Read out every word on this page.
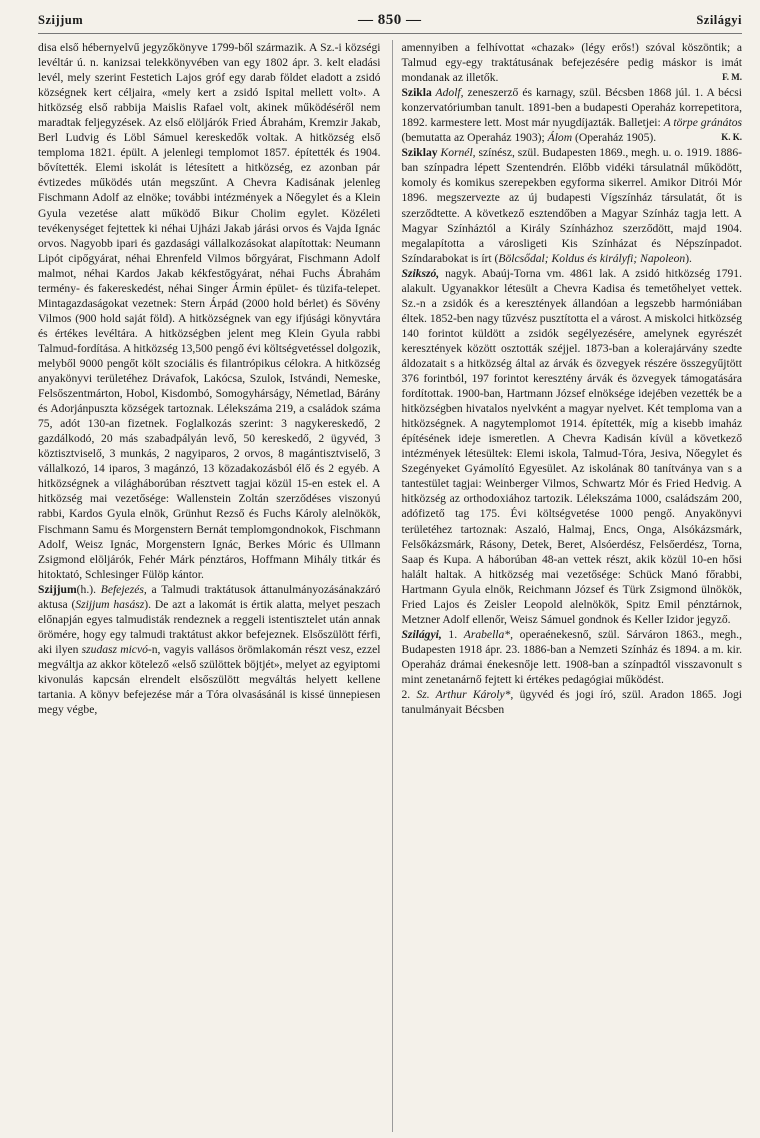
Szijjum	— 850 —	Szilágyi

disa első hébernyelvű jegyzőkönyve 1799-ből származik. A Sz.-i községi levéltár ú. n. kanizsai telekkönyvében van egy 1802 ápr. 3. kelt eladási levél, mely szerint Festetich Lajos gróf egy darab földet eladott a zsidó községnek kert céljaira, «mely kert a zsidó Ispital mellett volt». A hitközség első rabbija Maislis Rafael volt, akinek működéséről nem maradtak feljegyzések. Az első elöljárók Fried Ábrahám, Kremzir Jakab, Berl Ludvig és Löbl Sámuel kereskedők voltak. A hitközség első temploma 1821. épült. A jelenlegi templomot 1857. építették és 1904. bővítették. Elemi iskolát is létesített a hitközség, ez azonban pár évtizedes működés után megszűnt. A Chevra Kadisának jelenleg Fischmann Adolf az elnöke; további intézmények a Nőegylet és a Klein Gyula vezetése alatt működő Bikur Cholim egylet. Közéleti tevékenységet fejtettek ki néhai Ujházi Jakab járási orvos és Vajda Ignác orvos. Nagyobb ipari és gazdasági vállalkozásokat alapítottak: Neumann Lipót cipőgyárat, néhai Ehrenfeld Vilmos bőrgyárat, Fischmann Adolf malmot, néhai Kardos Jakab kékfestőgyárat, néhai Fuchs Ábrahám termény- és fakereskedést, néhai Singer Ármin épület- és tüzifa-telepet. Mintagazdaságokat vezetnek: Stern Árpád (2000 hold bérlet) és Sövény Vilmos (900 hold saját föld). A hitközségnek van egy ifjúsági könyvtára és értékes levéltára. A hitközségben jelent meg Klein Gyula rabbi Talmud-fordítása. A hitközség 13,500 pengő évi költségvetéssel dolgozik, melyből 9000 pengőt költ szociális és filantrópikus célokra. A hitközség anyakönyvi területéhez Drávafok, Lakócsa, Szulok, Istvándi, Nemeske, Felsőszentmárton, Hobol, Kisdombó, Somogyhárságy, Németlad, Bárány és Adorjánpuszta községek tartoznak. Lélekszáma 219, a családok száma 75, adót 130-an fizetnek. Foglalkozás szerint: 3 nagykereskedő, 2 gazdálkodó, 20 más szabadpályán levő, 50 kereskedő, 2 ügyvéd, 3 köztisztviselő, 3 munkás, 2 nagyiparos, 2 orvos, 8 magántisztviselő, 3 vállalkozó, 14 iparos, 3 magánzó, 13 közadakozásból élő és 2 egyéb. A hitközségnek a világháborúban résztvett tagjai közül 15-en estek el. A hitközség mai vezetősége: Wallenstein Zoltán szerződéses viszonyú rabbi, Kardos Gyula elnök, Grünhut Rezső és Fuchs Károly alelnökök, Fischmann Samu és Morgenstern Bernát templomgondnokok, Fischmann Adolf, Weisz Ignác, Morgenstern Ignác, Berkes Móric és Ullmann Zsigmond elöljárók, Fehér Márk pénztáros, Hoffmann Mihály titkár és hitoktató, Schlesinger Fülöp kántor.

Szijjum(h.). Befejezés, a Talmudi traktátusok áttanulmányozásánakzáró aktusa (Szijjum hasász). De azt a lakomát is értik alatta, melyet peszach előnapján egyes talmudisták rendeznek a reggeli istentisztelet után annak örömére, hogy egy talmudi traktátust akkor befejeznek. Elsőszülött férfi, aki ilyen szudasz micvó-n, vagyis vallásos örömlakomán részt vesz, ezzel megváltja az akkor kötelező «első szülöttek böjtjét», melyet az egyiptomi kivonulás kapcsán elrendelt elsőszülött megváltás helyett kellene tartania. A könyv befejezése már a Tóra olvasásánál is kissé ünnepiesen megy végbe,

amennyiben a felhívottat «chazak» (légy erős!) szóval köszöntik; a Talmud egy-egy traktátusának befejezésére pedig máskor is imát mondanak az illetők.	F. M.

Szikla Adolf, zeneszerző és karnagy, szül. Bécsben 1868 júl. 1. A bécsi konzervatóriumban tanult. 1891-ben a budapesti Operaház korrepetitora, 1892. karmestere lett. Most már nyugdíjazták. Balletjei: A törpe gránátos (bemutatta az Operaház 1903); Álom (Operaház 1905).	K. K.

Sziklay Kornél, színész, szül. Budapesten 1869., megh. u. o. 1919. 1886-ban színpadra lépett Szentendrén. Előbb vidéki társulatnál működött, komoly és komikus szerepekben egyforma sikerrel. Amikor Ditrói Mór 1896. megszervezte az új budapesti Vígszínház társulatát, őt is szerződtette. A következő esztendőben a Magyar Színház tagja lett. A Magyar Színháztól a Király Színházhoz szerződött, majd 1904. megalapította a városligeti Kis Színházat és Népszínpadot. Színdarabokat is írt (Bölcsődal; Koldus és királyfi; Napoleon).

Szikszó, nagyk. Abaúj-Torna vm. 4861 lak. A zsidó hitközség 1791. alakult. Ugyanakkor létesült a Chevra Kadisa és temetőhelyet vettek. Sz.-n a zsidók és a keresztények állandóan a legszebb harmóniában éltek. 1852-ben nagy tűzvész pusztította el a várost. A miskolci hitközség 140 forintot küldött a zsidók segélyezésére, amelynek egyrészét keresztények között osztották széjjel. 1873-ban a kolerajárvány szedte áldozatait s a hitközség által az árvák és özvegyek részére összegyűjtött 376 forintból, 197 forintot keresztény árvák és özvegyek támogatására fordítottak. 1900-ban, Hartmann József elnöksége idejében vezették be a hitközségben hivatalos nyelvként a magyar nyelvet. Két temploma van a hitközségnek. A nagytemplomot 1914. építették, míg a kisebb imaház építésének ideje ismeretlen. A Chevra Kadisán kívül a következő intézmények létesültek: Elemi iskola, Talmud-Tóra, Jesiva, Nőegylet és Szegényeket Gyámolító Egyesület. Az iskolának 80 tanítványa van s a tantestület tagjai: Weinberger Vilmos, Schwartz Mór és Fried Hedvig. A hitközség az orthodoxiához tartozik. Lélekszáma 1000, családszám 200, adófizető tag 175. Évi költségvetése 1000 pengő. Anyakönyvi területéhez tartoznak: Aszaló, Halmaj, Encs, Onga, Alsókázsmárk, Felsőkázsmárk, Rásony, Detek, Beret, Alsóerdész, Felsőerdész, Torna, Saap és Kupa. A háborúban 48-an vettek részt, akik közül 10-en hősi halált haltak. A hitközség mai vezetősége: Schück Manó főrabbi, Hartmann Gyula elnök, Reichmann József és Türk Zsigmond ülnökök, Fried Lajos és Zeisler Leopold alelnökök, Spitz Emil pénztárnok, Metzner Adolf ellenőr, Weisz Sámuel gondnok és Keller Izidor jegyző.

Szilágyi, 1. Arabella*, operaénekesnő, szül. Sárváron 1863., megh., Budapesten 1918 ápr. 23. 1886-ban a Nemzeti Színház és 1894. a m. kir. Operaház drámai énekesnője lett. 1908-ban a színpadtól visszavonult s mint zenetanárnő fejtett ki értékes pedagógiai működést.

2. Sz. Arthur Károly*, ügyvéd és jogi író, szül. Aradon 1865. Jogi tanulmányait Bécsben
